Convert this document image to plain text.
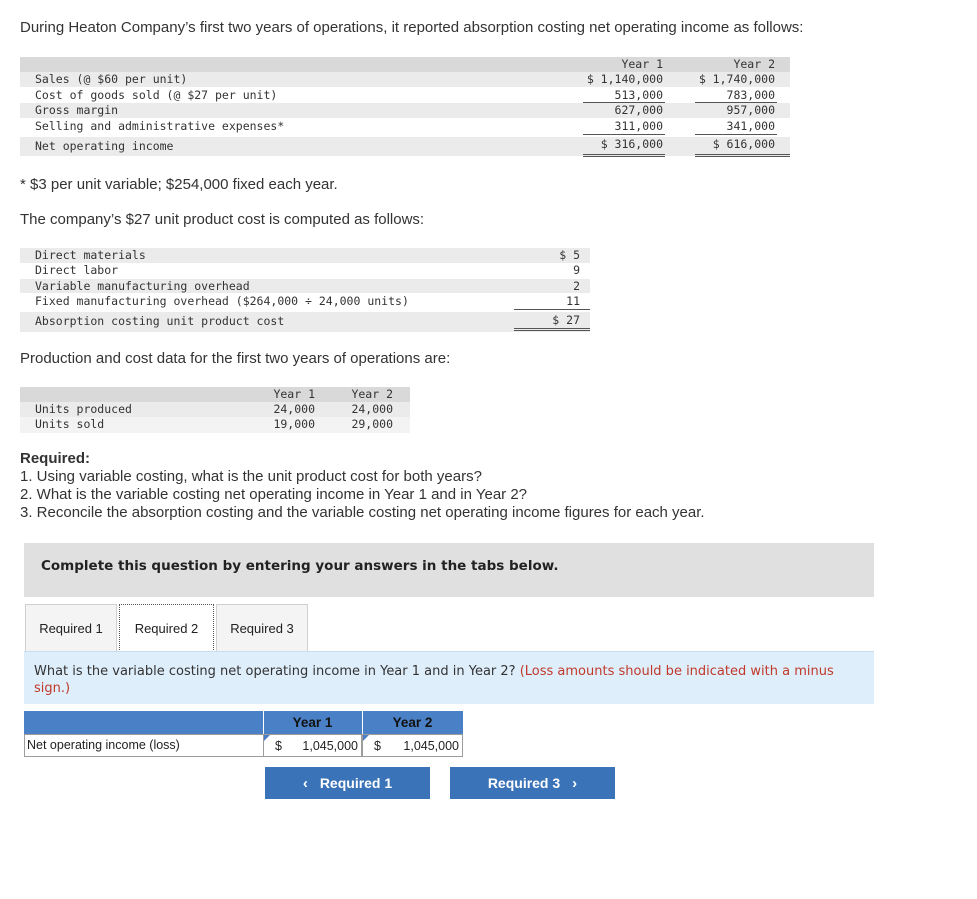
During Heaton Company’s first two years of operations, it reported absorption costing net operating income as follows:
Year 1	Year 2
Sales (@ $60 per unit)	$ 1,140,000	$ 1,740,000
Cost of goods sold (@ $27 per unit)	513,000	783,000
Gross margin	627,000	957,000
Selling and administrative expenses*	311,000	341,000
Net operating income	$ 316,000	$ 616,000
* $3 per unit variable; $254,000 fixed each year.
The company’s $27 unit product cost is computed as follows:
Direct materials	$ 5
Direct labor	9
Variable manufacturing overhead	2
Fixed manufacturing overhead ($264,000 ÷ 24,000 units)	11
Absorption costing unit product cost	$ 27
Production and cost data for the first two years of operations are:
Year 1	Year 2
Units produced	24,000	24,000
Units sold	19,000	29,000
Required:
1. Using variable costing, what is the unit product cost for both years?
2. What is the variable costing net operating income in Year 1 and in Year 2?
3. Reconcile the absorption costing and the variable costing net operating income figures for each year.
Complete this question by entering your answers in the tabs below.
Required 1	Required 2	Required 3

What is the variable costing net operating income in Year 1 and in Year 2? (Loss amounts should be indicated with a minus sign.)

Year 1	Year 2
Net operating income (loss)	$ 1,045,000 $ 1,045,000
‹ Required 1	Required 3 ›
